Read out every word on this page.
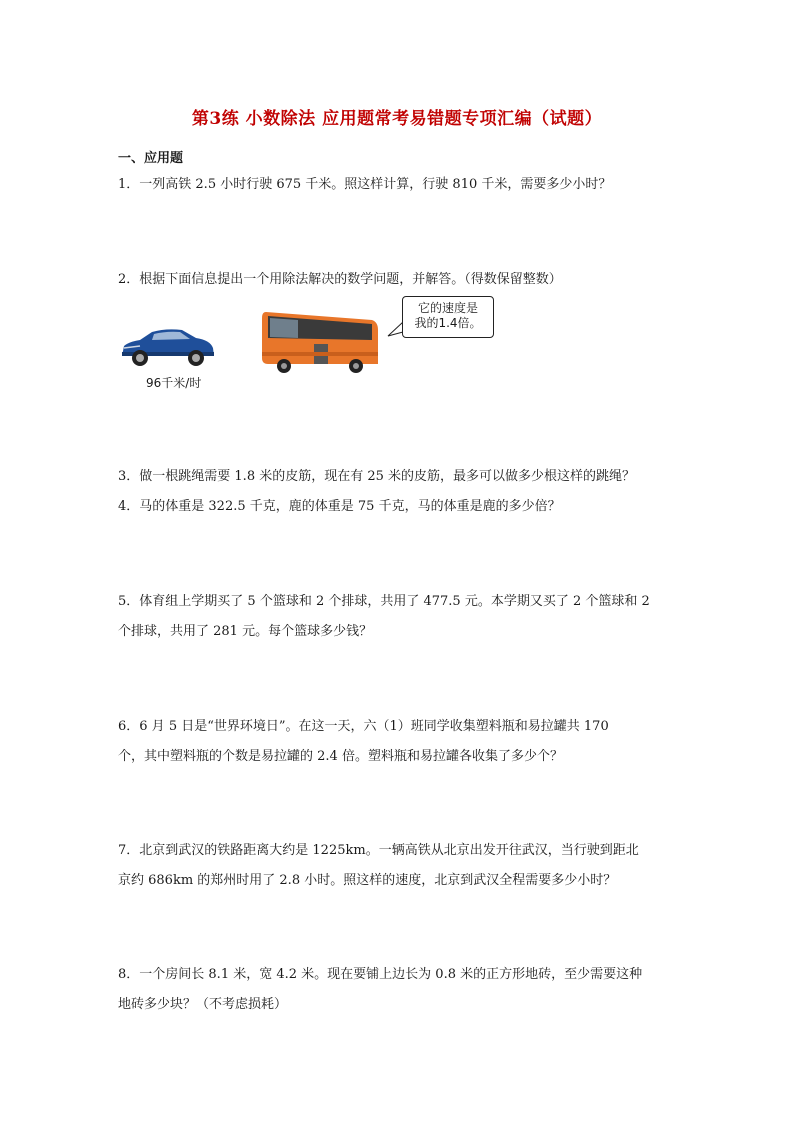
第3练 小数除法 应用题常考易错题专项汇编（试题）
一、应用题
1．一列高铁 2.5 小时行驶 675 千米。照这样计算，行驶 810 千米，需要多少小时？
2．根据下面信息提出一个用除法解决的数学问题，并解答。（得数保留整数）
96千米/时
它的速度是
我的1.4倍。
3．做一根跳绳需要 1.8 米的皮筋，现在有 25 米的皮筋，最多可以做多少根这样的跳绳？
4．马的体重是 322.5 千克，鹿的体重是 75 千克，马的体重是鹿的多少倍？
5．体育组上学期买了 5 个篮球和 2 个排球，共用了 477.5 元。本学期又买了 2 个篮球和 2
个排球，共用了 281 元。每个篮球多少钱？
6．6 月 5 日是“世界环境日”。在这一天，六（1）班同学收集塑料瓶和易拉罐共 170
个，其中塑料瓶的个数是易拉罐的 2.4 倍。塑料瓶和易拉罐各收集了多少个？
7．北京到武汉的铁路距离大约是 1225km。一辆高铁从北京出发开往武汉，当行驶到距北
京约 686km 的郑州时用了 2.8 小时。照这样的速度，北京到武汉全程需要多少小时？
8．一个房间长 8.1 米，宽 4.2 米。现在要铺上边长为 0.8 米的正方形地砖，至少需要这种
地砖多少块？（不考虑损耗）
